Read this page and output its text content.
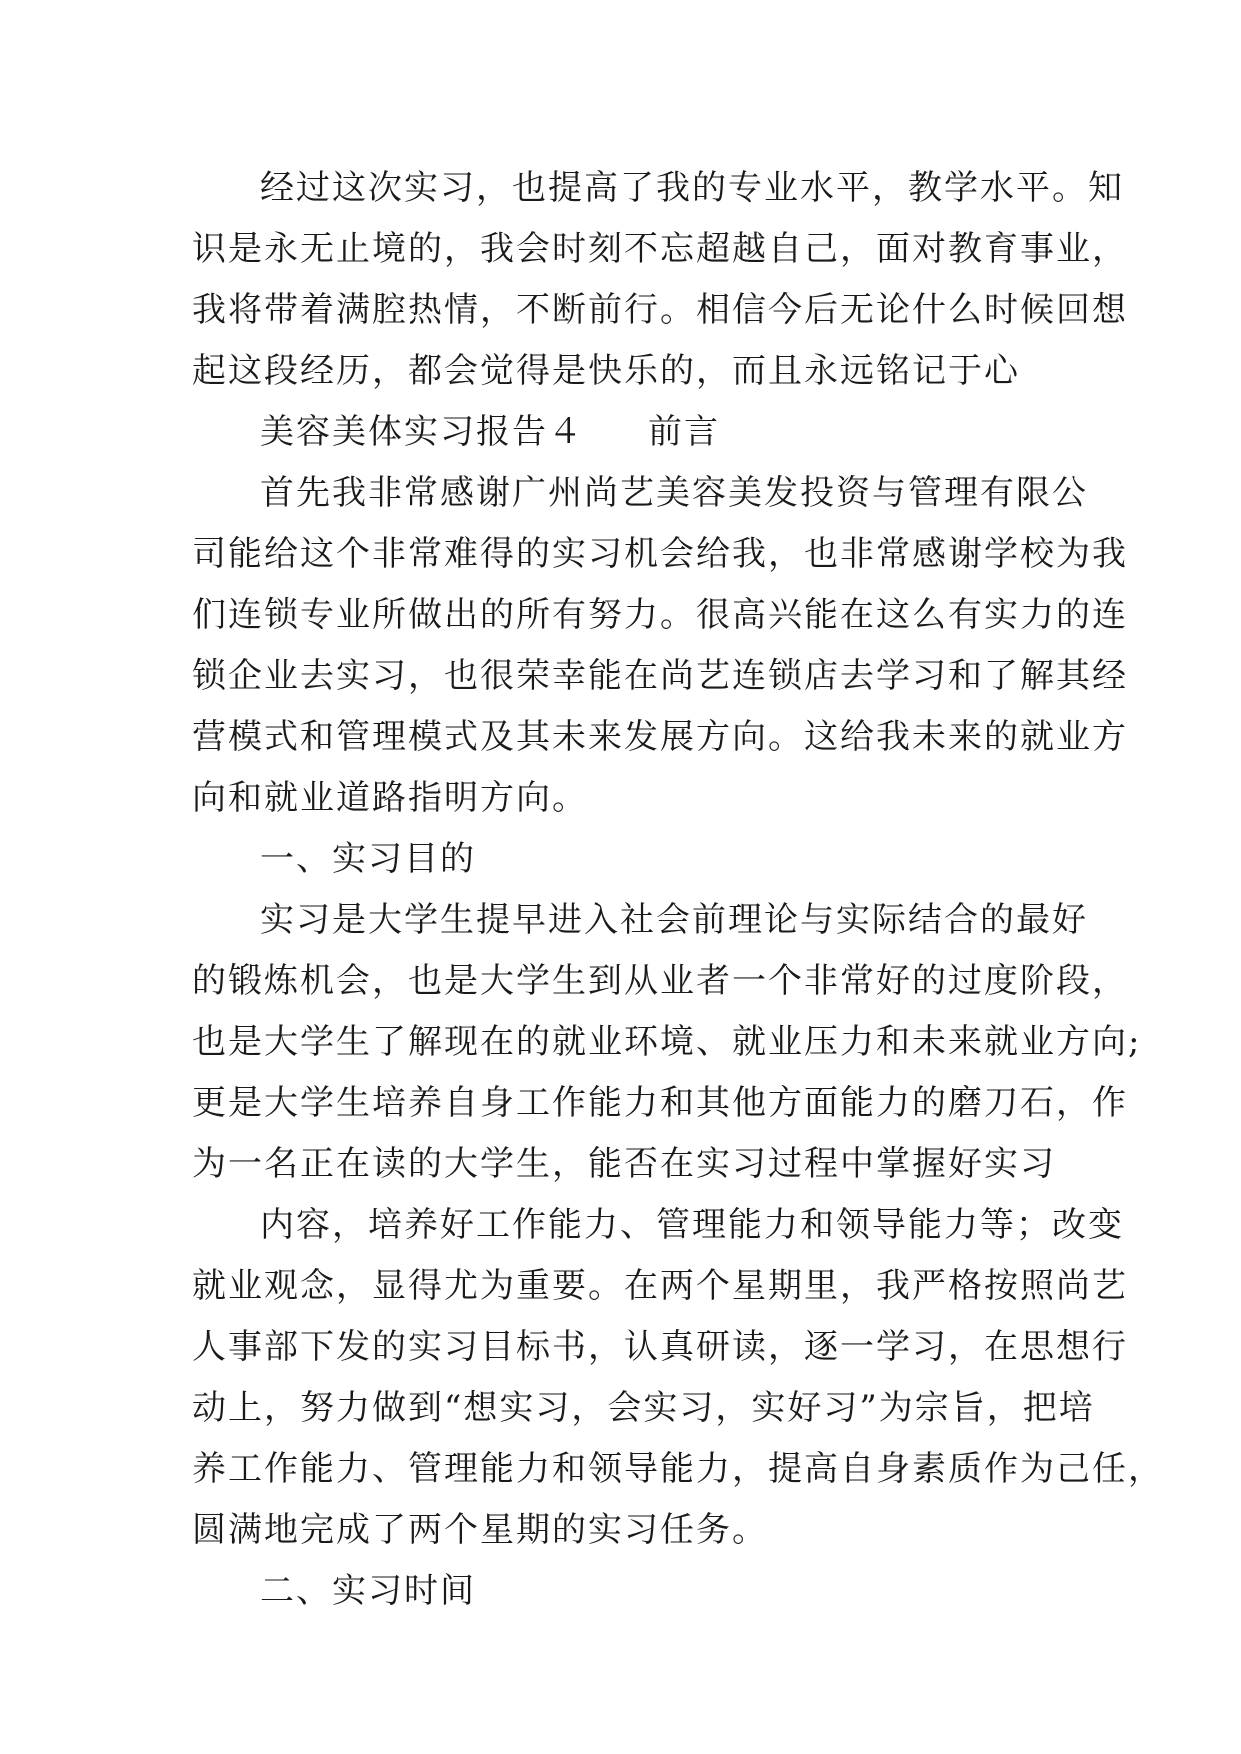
经过这次实习，也提高了我的专业水平，教学水平。知
识是永无止境的，我会时刻不忘超越自己，面对教育事业，
我将带着满腔热情，不断前行。相信今后无论什么时候回想
起这段经历，都会觉得是快乐的，而且永远铭记于心
美容美体实习报告４ 前言
首先我非常感谢广州尚艺美容美发投资与管理有限公
司能给这个非常难得的实习机会给我，也非常感谢学校为我
们连锁专业所做出的所有努力。很高兴能在这么有实力的连
锁企业去实习，也很荣幸能在尚艺连锁店去学习和了解其经
营模式和管理模式及其未来发展方向。这给我未来的就业方
向和就业道路指明方向。
一、实习目的
实习是大学生提早进入社会前理论与实际结合的最好
的锻炼机会，也是大学生到从业者一个非常好的过度阶段，
也是大学生了解现在的就业环境、就业压力和未来就业方向;
更是大学生培养自身工作能力和其他方面能力的磨刀石，作
为一名正在读的大学生，能否在实习过程中掌握好实习
内容，培养好工作能力、管理能力和领导能力等；改变
就业观念，显得尤为重要。在两个星期里，我严格按照尚艺
人事部下发的实习目标书，认真研读，逐一学习，在思想行
动上，努力做到“想实习，会实习，实好习”为宗旨，把培
养工作能力、管理能力和领导能力，提高自身素质作为己任，
圆满地完成了两个星期的实习任务。
二、实习时间
